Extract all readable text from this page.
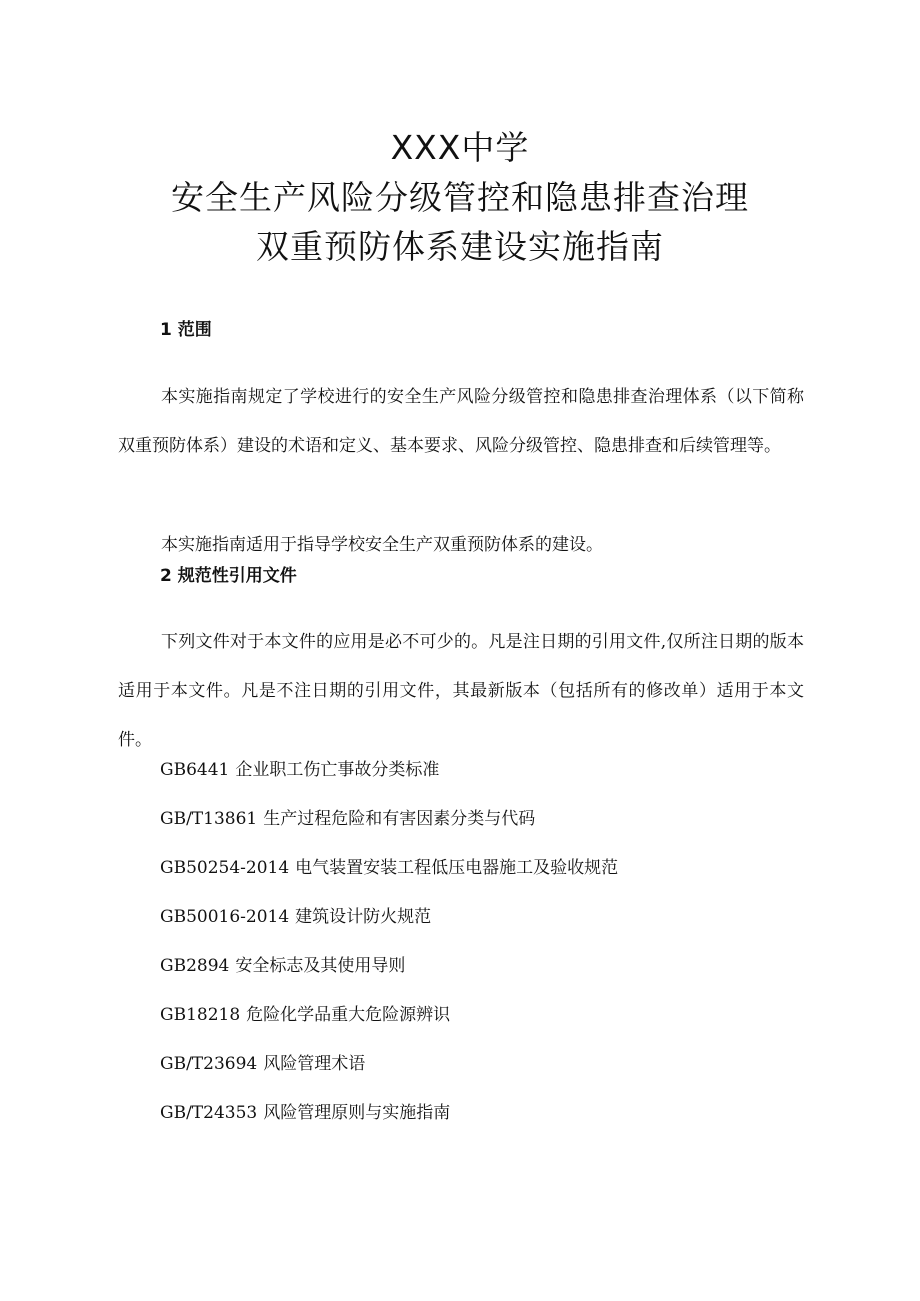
XXX中学
安全生产风险分级管控和隐患排查治理
双重预防体系建设实施指南
1 范围

本实施指南规定了学校进行的安全生产风险分级管控和隐患排查治理体系（以下简称双重预防体系）建设的术语和定义、基本要求、风险分级管控、隐患排查和后续管理等。

本实施指南适用于指导学校安全生产双重预防体系的建设。

2 规范性引用文件

下列文件对于本文件的应用是必不可少的。凡是注日期的引用文件,仅所注日期的版本适用于本文件。凡是不注日期的引用文件，其最新版本（包括所有的修改单）适用于本文件。

GB6441 企业职工伤亡事故分类标准
GB/T13861 生产过程危险和有害因素分类与代码
GB50254-2014 电气装置安装工程低压电器施工及验收规范
GB50016-2014 建筑设计防火规范
GB2894 安全标志及其使用导则
GB18218 危险化学品重大危险源辨识
GB/T23694 风险管理术语
GB/T24353 风险管理原则与实施指南
